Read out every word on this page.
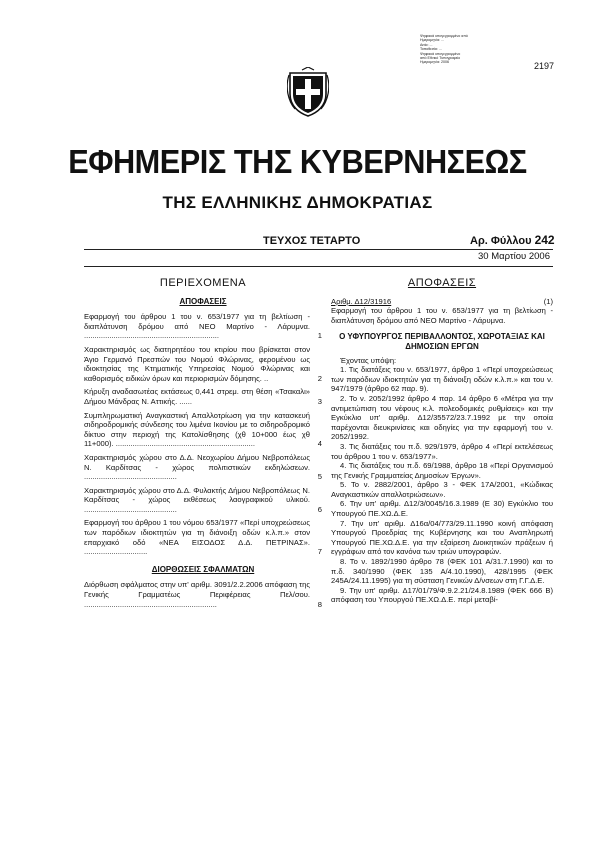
Ψηφιακά υπογεγραμμένο από
Ημερομηνία: ...
Αιτία: ...
Τοποθεσία: ...
Ψηφιακά υπογεγραμμένο
από Εθνικό Τυπογραφείο
Ημερομηνία: 2006	2197
ΕΦΗΜΕΡΙΣ ΤΗΣ ΚΥΒΕΡΝΗΣΕΩΣ
ΤΗΣ ΕΛΛΗΝΙΚΗΣ ΔΗΜΟΚΡΑΤΙΑΣ
ΤΕΥΧΟΣ ΤΕΤΑΡΤΟ	Αρ. Φύλλου 242
30 Μαρτίου 2006
ΠΕΡΙΕΧΟΜΕΝΑ
ΑΠΟΦΑΣΕΙΣ
Εφαρμογή του άρθρου 1 του ν. 653/1977 για τη βελτίωση - διαπλάτυνση δρόμου από ΝΕΟ Μαρτίνο - Λάρυμνα. ................................................................	1
Χαρακτηρισμός ως διατηρητέου του κτιρίου που βρίσκεται στον Άγιο Γερμανό Πρεσπών του Νομού Φλώρινας, φερομένου ως ιδιοκτησίας της Κτηματικής Υπηρεσίας Νομού Φλώρινας και καθορισμός ειδικών όρων και περιορισμών δόμησης. ..	2
Κήρυξη αναδασωτέας εκτάσεως 0,441 στρεμ. στη θέση «Τσακαλι» Δήμου Μάνδρας Ν. Αττικής. ......	3
Συμπληρωματική Αναγκαστική Απαλλοτρίωση για την κατασκευή σιδηροδρομικής σύνδεσης του λιμένα Ικονίου με το σιδηροδρομικό δίκτυο στην περιοχή της Κατολίσθησης (χθ 10+000 έως χθ 11+000). ..................................................................	4
Χαρακτηρισμός χώρου στο Δ.Δ. Νεοχωρίου Δήμου Νεβροπόλεως Ν. Καρδίτσας - χώρος πολιτιστικών εκδηλώσεων. ............................................	5
Χαρακτηρισμός χώρου στο Δ.Δ. Φυλακτής Δήμου Νεβροπόλεως Ν. Καρδίτσας - χώρος εκθέσεως λαογραφικού υλικού. ............................................	6
Εφαρμογή του άρθρου 1 του νόμου 653/1977 «Περί υποχρεώσεως των παρόδιων ιδιοκτητών για τη διάνοιξη οδών κ.λ.π.» στον επαρχιακό οδό «ΝΕΑ ΕΙΣΟΔΟΣ Δ.Δ. ΠΕΤΡΙΝΑΣ». ..............................	7
ΔΙΟΡΘΩΣΕΙΣ ΣΦΑΛΜΑΤΩΝ
Διόρθωση σφάλματος στην υπ' αριθμ. 3091/2.2.2006 απόφαση της Γενικής Γραμματέως Περιφέρειας Πελ/σου. ...............................................................	8
ΑΠΟΦΑΣΕΙΣ
Αριθμ. Δ12/31916	(1)
Εφαρμογή του άρθρου 1 του ν. 653/1977 για τη βελτίωση - διαπλάτυνση δρόμου από ΝΕΟ Μαρτίνο - Λάρυμνα.
Ο ΥΦΥΠΟΥΡΓΟΣ ΠΕΡΙΒΑΛΛΟΝΤΟΣ, ΧΩΡΟΤΑΞΙΑΣ ΚΑΙ ΔΗΜΟΣΙΩΝ ΕΡΓΩΝ
Έχοντας υπόψη:
1. Τις διατάξεις του ν. 653/1977, άρθρο 1 «Περί υποχρεώσεως των παρόδιων ιδιοκτητών για τη διάνοιξη οδών κ.λ.π.» και του ν. 947/1979 (άρθρο 62 παρ. 9).
2. Το ν. 2052/1992 άρθρο 4 παρ. 14 άρθρο 6 «Μέτρα για την αντιμετώπιση του νέφους κ.λ. πολεοδομικές ρυθμίσεις» και την Εγκύκλιο υπ' αριθμ. Δ12/35572/23.7.1992 με την οποία παρέχονται διευκρινίσεις και οδηγίες για την εφαρμογή του ν. 2052/1992.
3. Τις διατάξεις του π.δ. 929/1979, άρθρο 4 «Περί εκτελέσεως του άρθρου 1 του ν. 653/1977».
4. Τις διατάξεις του π.δ. 69/1988, άρθρο 18 «Περί Οργανισμού της Γενικής Γραμματείας Δημοσίων Έργων».
5. Το ν. 2882/2001, άρθρο 3 - ΦΕΚ 17Α/2001, «Κώδικας Αναγκαστικών απαλλοτριώσεων».
6. Την υπ' αριθμ. Δ12/3/0045/16.3.1989 (Ε 30) Εγκύκλιο του Υπουργού ΠΕ.ΧΩ.Δ.Ε.
7. Την υπ' αριθμ. Δ16α/04/773/29.11.1990 κοινή απόφαση Υπουργού Προεδρίας της Κυβέρνησης και του Αναπληρωτή Υπουργού ΠΕ.ΧΩ.Δ.Ε. για την εξαίρεση Διοικητικών πράξεων ή εγγράφων από τον κανόνα των τριών υπογραφών.
8. Το ν. 1892/1990 άρθρο 78 (ΦΕΚ 101 Α/31.7.1990) και το π.δ. 340/1990 (ΦΕΚ 135 Α/4.10.1990), 428/1995 (ΦΕΚ 245Α/24.11.1995) για τη σύσταση Γενικών Δ/νσεων στη Γ.Γ.Δ.Ε.
9. Την υπ' αριθμ. Δ17/01/79/Φ.9.2.21/24.8.1989 (ΦΕΚ 666 Β) απόφαση του Υπουργού ΠΕ.ΧΩ.Δ.Ε. περί μεταβί-
